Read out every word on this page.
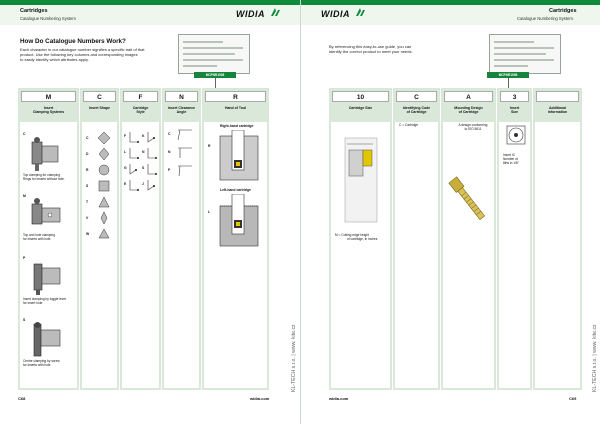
Cartridges
Catalogue Numbering System	WIDIA
How Do Catalogue Numbers Work?
Each character in our catalogue number signifies a specific trait of that
product. Use the following key columns and corresponding images
to easily identify which attributes apply.
MCFNR1008
M
Insert
Clamping Systems
C
Top clamping for clamping
Rings for inserts without hole.
M
Top and hole clamping
for inserts with hole.
P
Insert clamping by toggle lever
for insert hole.
S
Centre clamping by screw
for inserts with hole.
C
Insert Shape
C
D
R
S
T
V
W
F
Cartridge
Style
F	K
L	N
G	S
E	J
N
Insert Clearance
Angle
C
N
P
R
Hand of Tool
Right-hand cartridge
R
Left-hand cartridge
L
C68	widia.com
KL-TECH s.r.o. | www. kite.cz
WIDIA	Cartridges
Catalogue Numbering System
By referencing this easy-to-use guide, you can
identify the correct product to meet your needs.
MCFNR1008
10
Cartridge Size
M = Cutting edge height
of cartridge, in inches
C
Identifying Code
of Cartridge
C = Cartridge
A
Mounting Design
of Cartridge
A design conforming
to ISO 5611
3
Insert
Size
Insert IC
Number of
8ths in 1/8"
Additional
Information
widia.com	C69
KL-TECH s.r.o. | www. kite.cz
